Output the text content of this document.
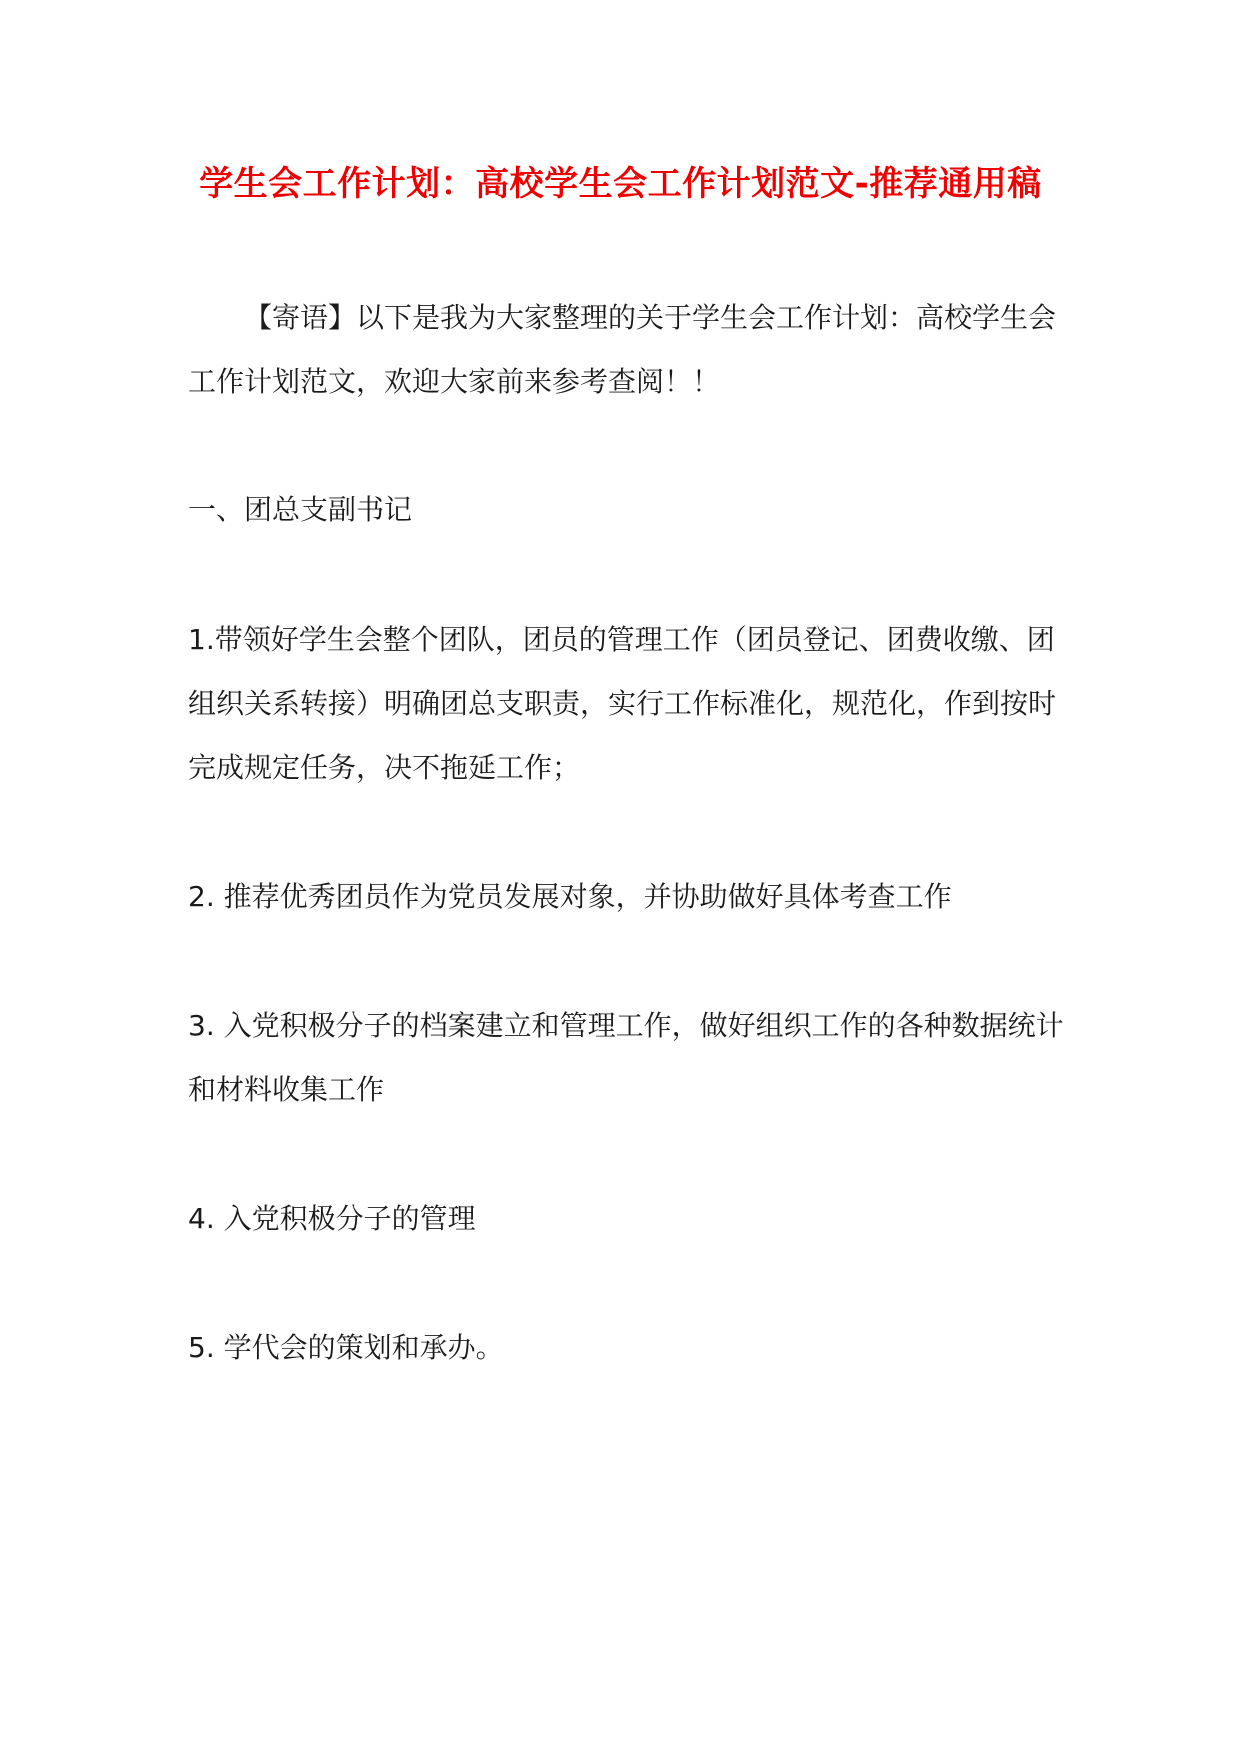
学生会工作计划：高校学生会工作计划范文-推荐通用稿

【寄语】以下是我为大家整理的关于学生会工作计划：高校学生会工作计划范文，欢迎大家前来参考查阅！！

一、团总支副书记

1.带领好学生会整个团队，团员的管理工作（团员登记、团费收缴、团组织关系转接）明确团总支职责，实行工作标准化，规范化，作到按时完成规定任务，决不拖延工作；

2. 推荐优秀团员作为党员发展对象，并协助做好具体考查工作

3. 入党积极分子的档案建立和管理工作，做好组织工作的各种数据统计和材料收集工作

4. 入党积极分子的管理

5. 学代会的策划和承办。
